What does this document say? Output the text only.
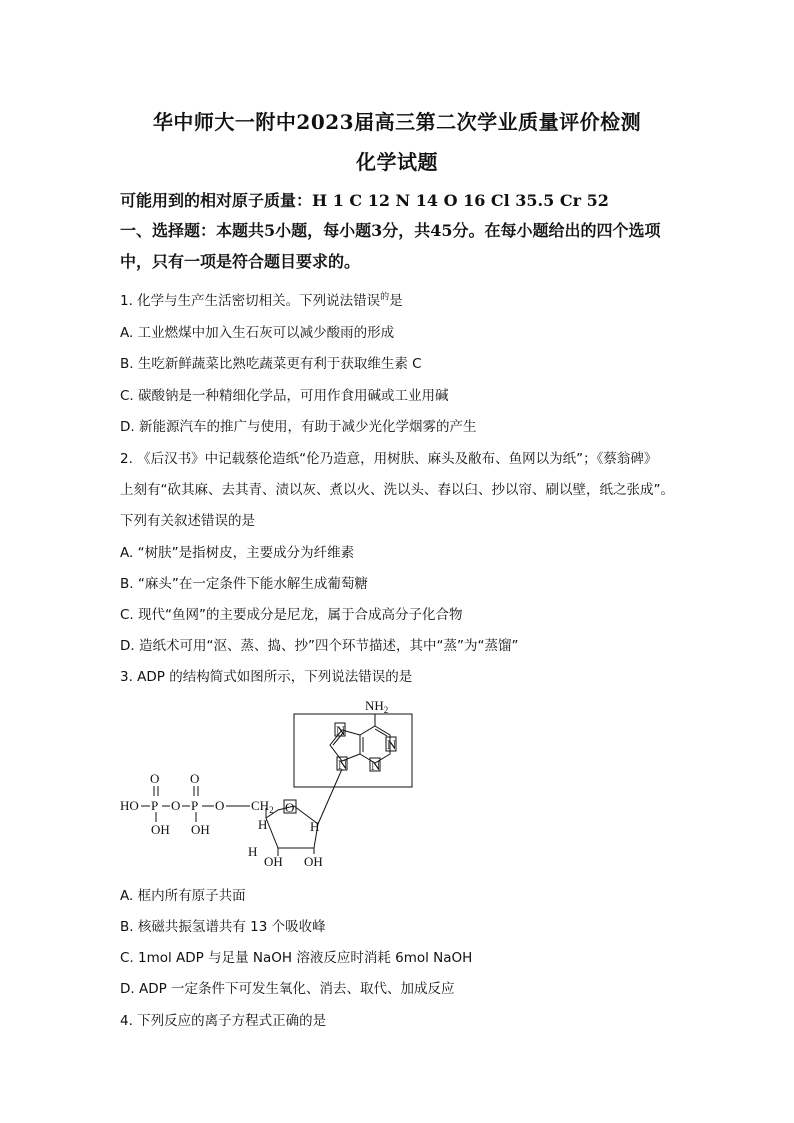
华中师大一附中2023届高三第二次学业质量评价检测
化学试题
可能用到的相对原子质量：H 1 C 12 N 14 O 16 Cl 35.5 Cr 52
一、选择题：本题共5小题，每小题3分，共45分。在每小题给出的四个选项
中，只有一项是符合题目要求的。
1. 化学与生产生活密切相关。下列说法错误$^的$是
A. 工业燃煤中加入生石灰可以减少酸雨的形成
B. 生吃新鲜蔬菜比熟吃蔬菜更有利于获取维生素 C
C. 碳酸钠是一种精细化学品，可用作食用碱或工业用碱
D. 新能源汽车的推广与使用，有助于减少光化学烟雾的产生
2. 《后汉书》中记载蔡伦造纸“伦乃造意，用树肤、麻头及敝布、鱼网以为纸”；《蔡翁碑》
上刻有“砍其麻、去其青、渍以灰、煮以火、洗以头、舂以臼、抄以帘、刷以壁，纸之张成”。
下列有关叙述错误的是
A. “树肤”是指树皮，主要成分为纤维素
B. “麻头”在一定条件下能水解生成葡萄糖
C. 现代“鱼网”的主要成分是尼龙，属于合成高分子化合物
D. 造纸术可用“沤、蒸、捣、抄”四个环节描述，其中“蒸”为“蒸馏”
3. ADP 的结构简式如图所示，下列说法错误的是
$NH_2$
N
N
N
N
O
H	H
H
OH OH
$CH_2$
HO P
O
OH
O P
O
OH
O
A. 框内所有原子共面
B. 核磁共振氢谱共有 13 个吸收峰
C. 1mol ADP 与足量 NaOH 溶液反应时消耗 6mol NaOH
D. ADP 一定条件下可发生氧化、消去、取代、加成反应
4. 下列反应的离子方程式正确的是
